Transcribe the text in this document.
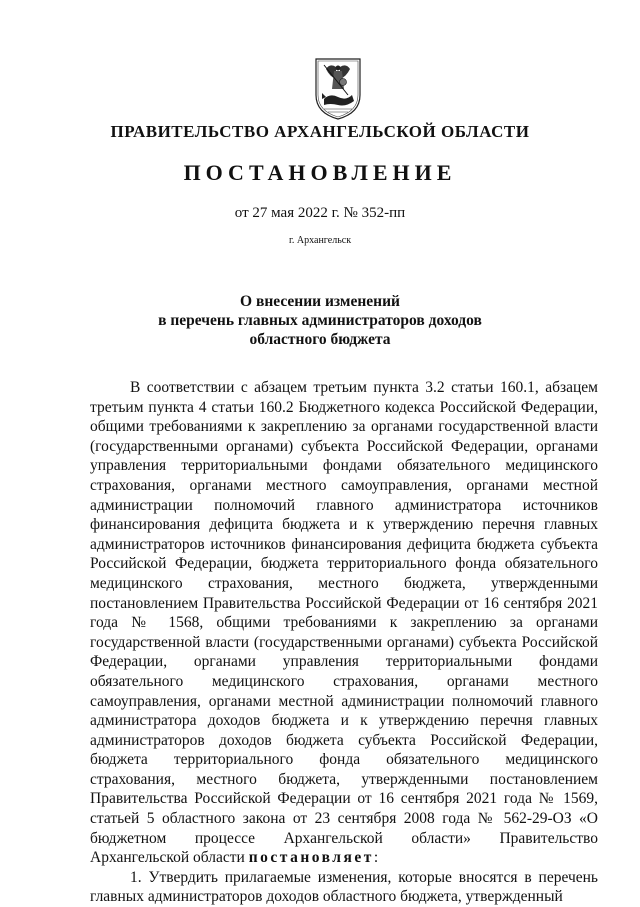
ПРАВИТЕЛЬСТВО АРХАНГЕЛЬСКОЙ ОБЛАСТИ
ПОСТАНОВЛЕНИЕ
от 27 мая 2022 г. № 352-пп
г. Архангельск
О внесении изменений
в перечень главных администраторов доходов
областного бюджета

В соответствии с абзацем третьим пункта 3.2 статьи 160.1, абзацем третьим пункта 4 статьи 160.2 Бюджетного кодекса Российской Федерации, общими требованиями к закреплению за органами государственной власти (государственными органами) субъекта Российской Федерации, органами управления территориальными фондами обязательного медицинского страхования, органами местного самоуправления, органами местной администрации полномочий главного администратора источников финансирования дефицита бюджета и к утверждению перечня главных администраторов источников финансирования дефицита бюджета субъекта Российской Федерации, бюджета территориального фонда обязательного медицинского страхования, местного бюджета, утвержденными постановлением Правительства Российской Федерации от 16 сентября 2021 года № 1568, общими требованиями к закреплению за органами государственной власти (государственными органами) субъекта Российской Федерации, органами управления территориальными фондами обязательного медицинского страхования, органами местного самоуправления, органами местной администрации полномочий главного администратора доходов бюджета и к утверждению перечня главных администраторов доходов бюджета субъекта Российской Федерации, бюджета территориального фонда обязательного медицинского страхования, местного бюджета, утвержденными постановлением Правительства Российской Федерации от 16 сентября 2021 года № 1569, статьей 5 областного закона от 23 сентября 2008 года № 562-29-ОЗ «О бюджетном процессе Архангельской области» Правительство Архангельской области постановляет:

1. Утвердить прилагаемые изменения, которые вносятся в перечень главных администраторов доходов областного бюджета, утвержденный
